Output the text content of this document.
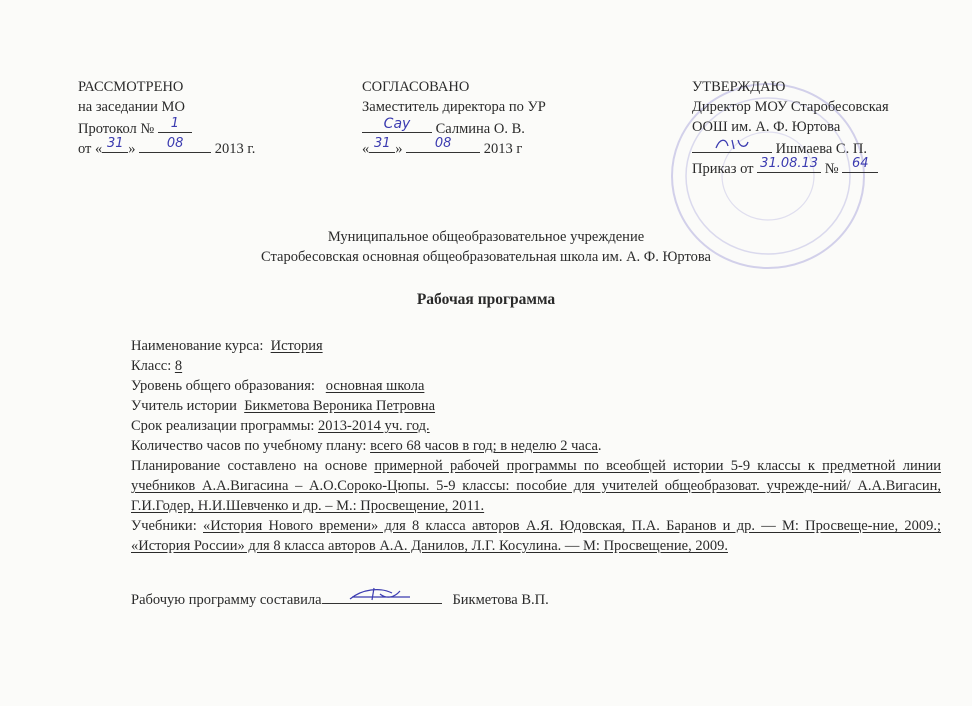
РАССМОТРЕНО
на заседании МО
Протокол №	1
от « 31 »	08	2013 г.
СОГЛАСОВАНО
Заместитель директора по УР
Сау	Салмина О. В.
« 31 »	08	2013 г
УТВЕРЖДАЮ
Директор МОУ Старобесовская
ООШ им. А. Ф. Юртова
Ишмаева С. П.
Приказ от 31.08.13 №	64
Муниципальное общеобразовательное учреждение
Старобесовская основная общеобразовательная школа им. А. Ф. Юртова
Рабочая программа
Наименование курса: История
Класс: 8
Уровень общего образования: основная школа
Учитель истории Бикметова Вероника Петровна
Срок реализации программы: 2013-2014 уч. год.
Количество часов по учебному плану: всего 68 часов в год; в неделю 2 часа.
Планирование составлено на основе примерной рабочей программы по всеобщей истории 5-9 классы к предметной линии учебников А.А.Вигасина – А.О.Сороко-Цюпы. 5-9 классы: пособие для учителей общеобразоват. учрежде-ний/ А.А.Вигасин, Г.И.Годер, Н.И.Шевченко и др. – М.: Просвещение, 2011.
Учебники: «История Нового времени» для 8 класса авторов А.Я. Юдовская, П.А. Баранов и др. — М: Просвеще-ние, 2009.; «История России» для 8 класса авторов А.А. Данилов, Л.Г. Косулина. — М: Просвещение, 2009.
Рабочую программу составила	Бикметова В.П.
